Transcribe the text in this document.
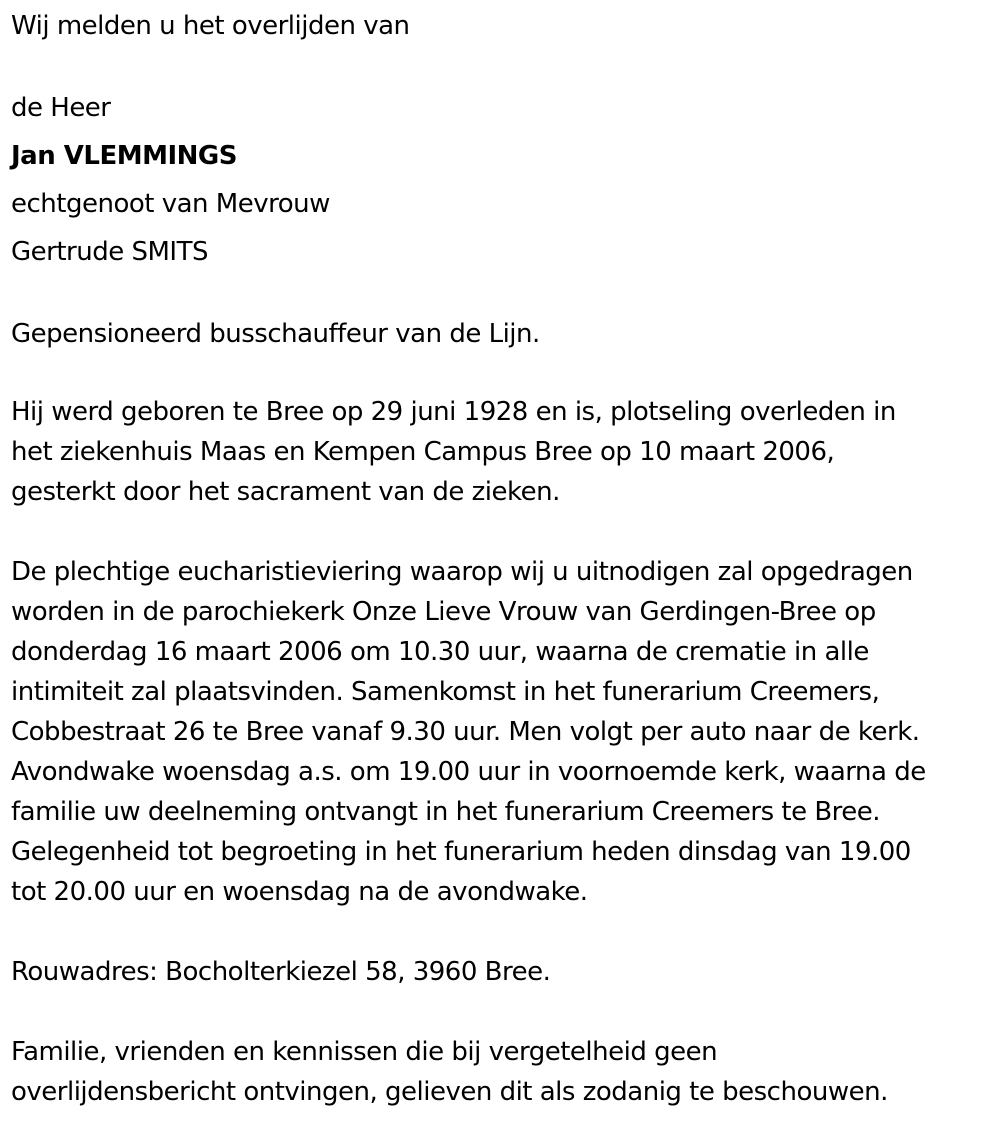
Wij melden u het overlijden van
de Heer
Jan VLEMMINGS
echtgenoot van Mevrouw
Gertrude SMITS
Gepensioneerd busschauffeur van de Lijn.
Hij werd geboren te Bree op 29 juni 1928 en is, plotseling overleden in
het ziekenhuis Maas en Kempen Campus Bree op 10 maart 2006,
gesterkt door het sacrament van de zieken.
De plechtige eucharistieviering waarop wij u uitnodigen zal opgedragen
worden in de parochiekerk Onze Lieve Vrouw van Gerdingen-Bree op
donderdag 16 maart 2006 om 10.30 uur, waarna de crematie in alle
intimiteit zal plaatsvinden. Samenkomst in het funerarium Creemers,
Cobbestraat 26 te Bree vanaf 9.30 uur. Men volgt per auto naar de kerk.
Avondwake woensdag a.s. om 19.00 uur in voornoemde kerk, waarna de
familie uw deelneming ontvangt in het funerarium Creemers te Bree.
Gelegenheid tot begroeting in het funerarium heden dinsdag van 19.00
tot 20.00 uur en woensdag na de avondwake.
Rouwadres: Bocholterkiezel 58, 3960 Bree.
Familie, vrienden en kennissen die bij vergetelheid geen
overlijdensbericht ontvingen, gelieven dit als zodanig te beschouwen.
